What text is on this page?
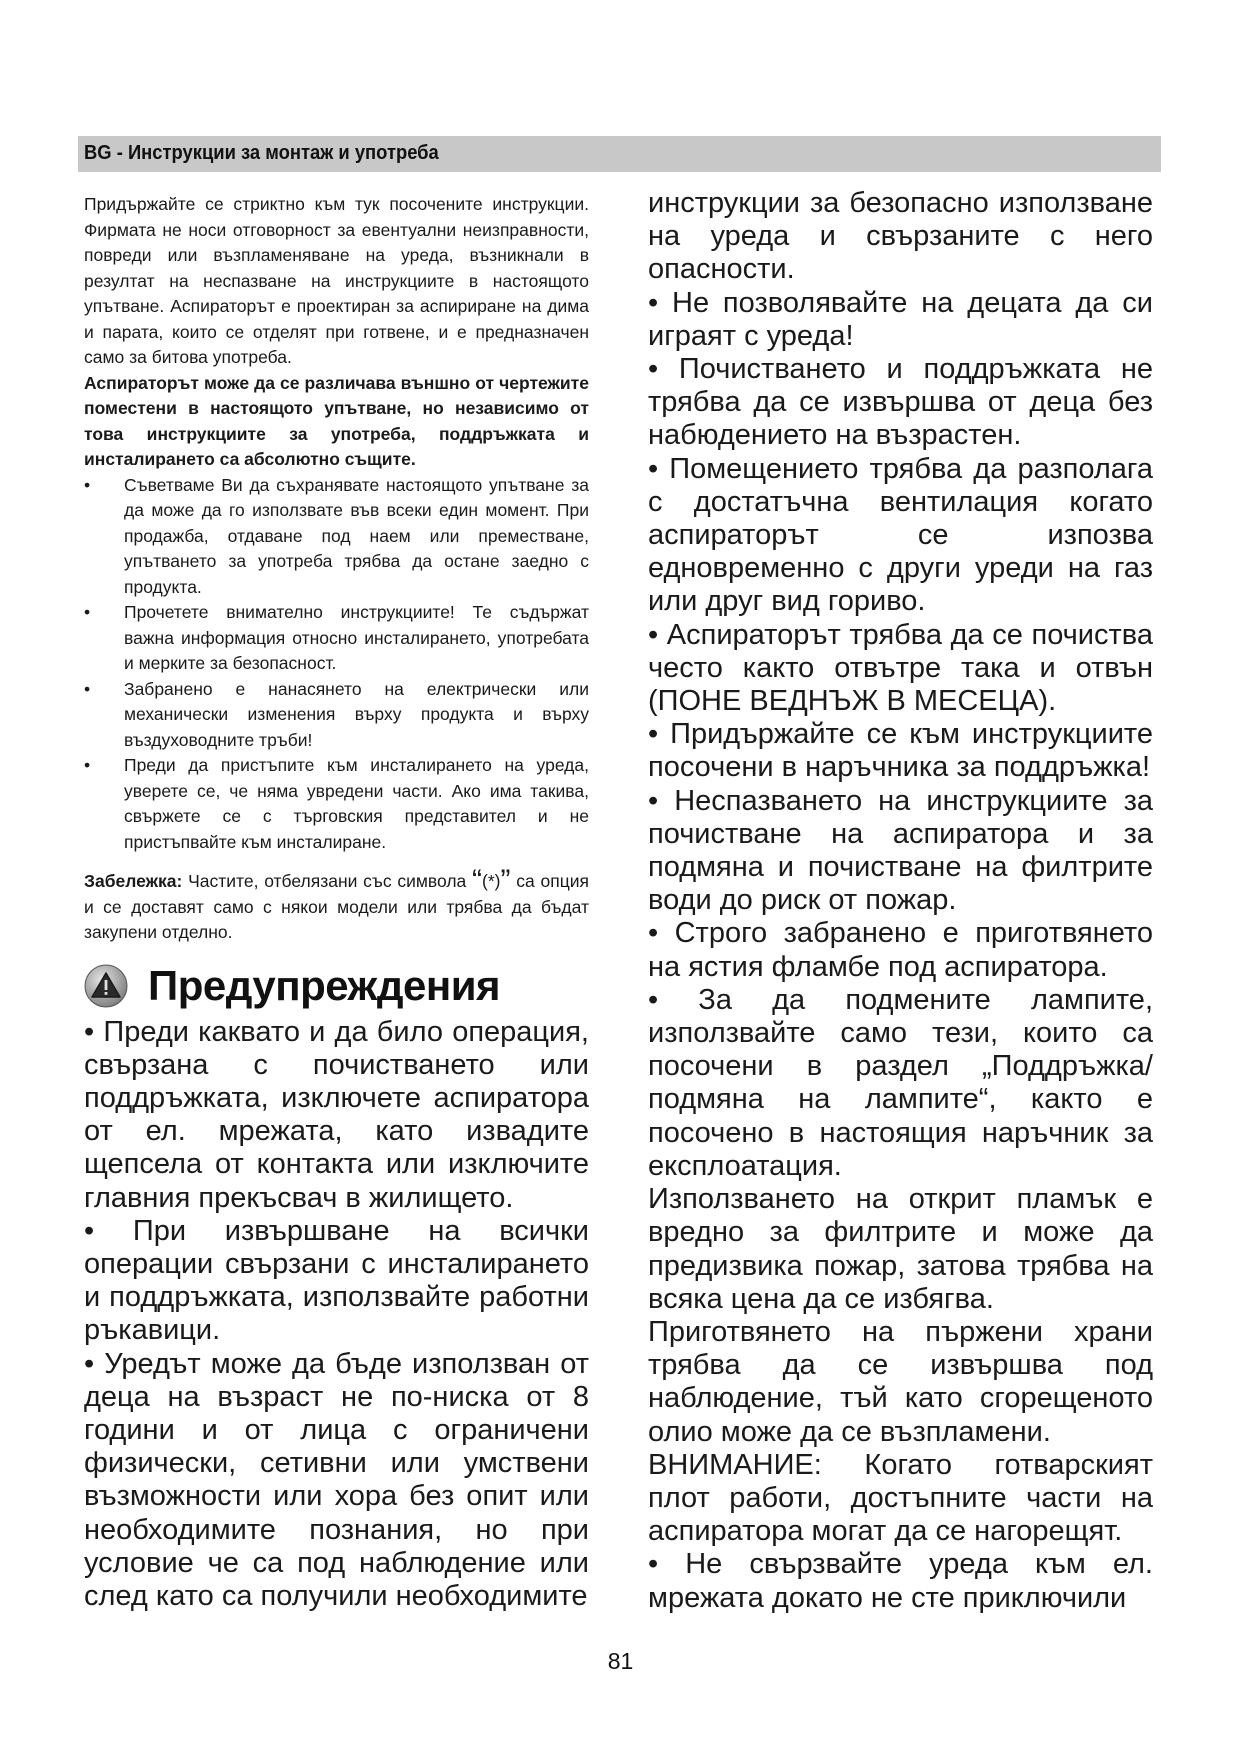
BG - Инструкции за монтаж и употреба

Придържайте се стриктно към тук посочените инструкции. Фирмата не носи отговорност за евентуални неизправности, повреди или възпламеняване на уреда, възникнали в резултат на неспазване на инструкциите в настоящото упътване. Аспираторът е проектиран за аспириране на дима и парата, които се отделят при готвене, и е предназначен само за битова употреба.

Аспираторът може да се различава външно от чертежите поместени в настоящото упътване, но независимо от това инструкциите за употреба, поддръжката и инсталирането са абсолютно същите.

• Съветваме Ви да съхранявате настоящото упътване за да може да го използвате във всеки един момент. При продажба, отдаване под наем или преместване, упътването за употреба трябва да остане заедно с продукта.
• Прочетете внимателно инструкциите! Те съдържат важна информация относно инсталирането, употребата и мерките за безопасност.
• Забранено е нанасянето на електрически или механически изменения върху продукта и върху въздуховодните тръби!
• Преди да пристъпите към инсталирането на уреда, уверете се, че няма увредени части. Ако има такива, свържете се с търговския представител и не пристъпвайте към инсталиране.

Забележка: Частите, отбелязани със символа “(*)” са опция и се доставят само с някои модели или трябва да бъдат закупени отделно.

Предупреждения

• Преди каквато и да било операция, свързана с почистването или поддръжката, изключете аспиратора от ел. мрежата, като извадите щепсела от контакта или изключите главния прекъсвач в жилището.

• При извършване на всички операции свързани с инсталирането и поддръжката, използвайте работни ръкавици.

• Уредът може да бъде използван от деца на възраст не по-ниска от 8 години и от лица с ограничени физически, сетивни или умствени възможности или хора без опит или необходимите познания, но при условие че са под наблюдение или след като са получили необходимите

инструкции за безопасно използване на уреда и свързаните с него опасности.

• Не позволявайте на децата да си играят с уреда!

• Почистването и поддръжката не трябва да се извършва от деца без набюдението на възрастен.

• Помещението трябва да разполага с достатъчна вентилация когато аспираторът се изпозва едновременно с други уреди на газ или друг вид гориво.

• Аспираторът трябва да се почиства често както отвътре така и отвън (ПОНЕ ВЕДНЪЖ В МЕСЕЦА).

• Придържайте се към инструкциите посочени в наръчника за поддръжка!

• Неспазването на инструкциите за почистване на аспиратора и за подмяна и почистване на филтрите води до риск от пожар.

• Строго забранено е приготвянето на ястия фламбе под аспиратора.

• За да подмените лампите, използвайте само тези, които са посочени в раздел „Поддръжка/подмяна на лампите“, както е посочено в настоящия наръчник за експлоатация.

Използването на открит пламък е вредно за филтрите и може да предизвика пожар, затова трябва на всяка цена да се избягва.

Приготвянето на пържени храни трябва да се извършва под наблюдение, тъй като сгорещеното олио може да се възпламени.

ВНИМАНИЕ: Когато готварският плот работи, достъпните части на аспиратора могат да се нагорещят.

• Не свързвайте уреда към ел. мрежата докато не сте приключили

81
